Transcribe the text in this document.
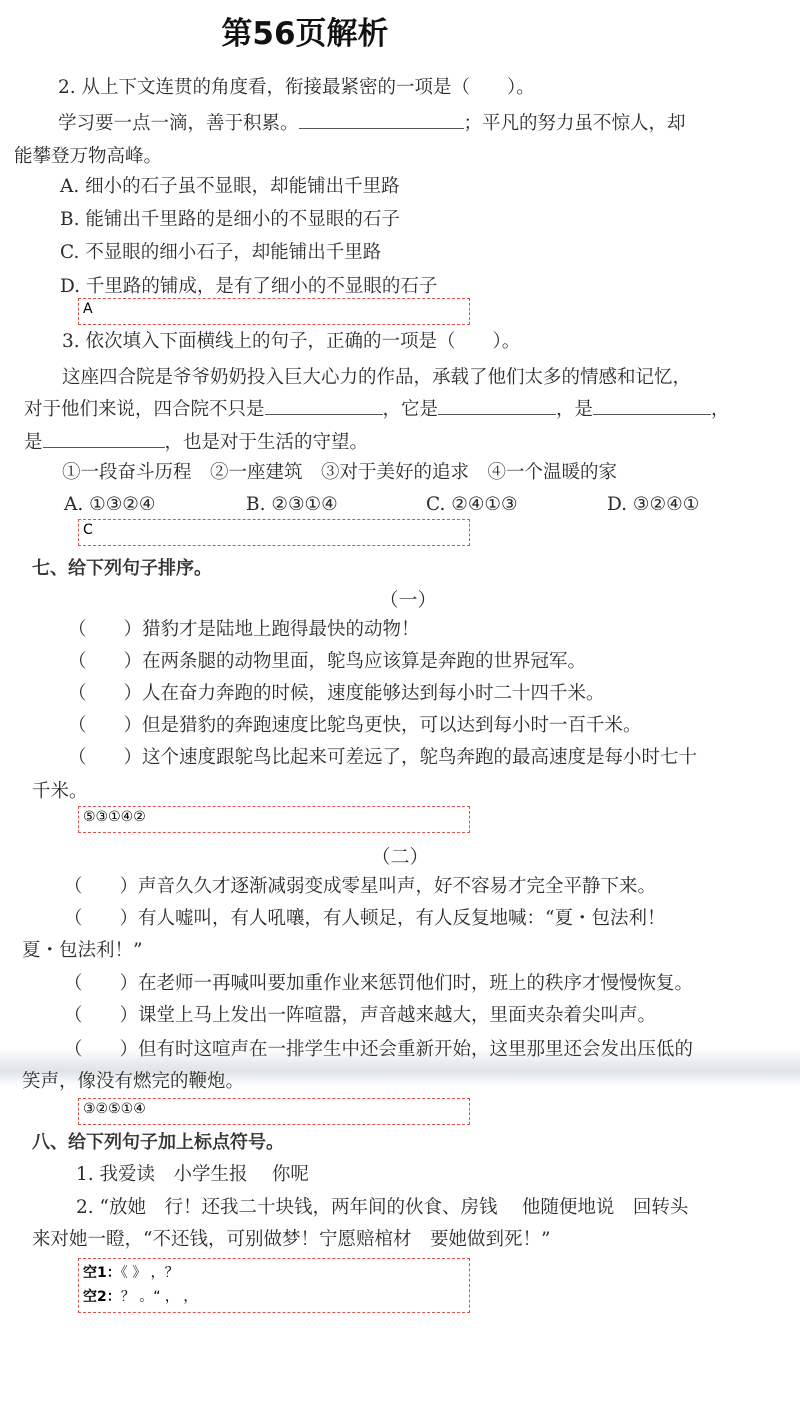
第56页解析
2. 从上下文连贯的角度看，衔接最紧密的一项是（　　）。
学习要一点一滴，善于积累。	；平凡的努力虽不惊人，却
能攀登万物高峰。
A. 细小的石子虽不显眼，却能铺出千里路
B. 能铺出千里路的是细小的不显眼的石子
C. 不显眼的细小石子，却能铺出千里路
D. 千里路的铺成，是有了细小的不显眼的石子
A
3. 依次填入下面横线上的句子，正确的一项是（　　）。
这座四合院是爷爷奶奶投入巨大心力的作品，承载了他们太多的情感和记忆，
对于他们来说，四合院不只是	，它是	，是	，
是	，也是对于生活的守望。
①一段奋斗历程　②一座建筑　③对于美好的追求　④一个温暖的家
A. ①③②④	B. ②③①④	C. ②④①③	D. ③②④①
C
七、给下列句子排序。
（一）
（　　）猎豹才是陆地上跑得最快的动物！
（　　）在两条腿的动物里面，鸵鸟应该算是奔跑的世界冠军。
（　　）人在奋力奔跑的时候，速度能够达到每小时二十四千米。
（　　）但是猎豹的奔跑速度比鸵鸟更快，可以达到每小时一百千米。
（　　）这个速度跟鸵鸟比起来可差远了，鸵鸟奔跑的最高速度是每小时七十
千米。
⑤③①④②
（二）
（　　）声音久久才逐渐减弱变成零星叫声，好不容易才完全平静下来。
（　　）有人嘘叫，有人吼嚷，有人顿足，有人反复地喊：“夏・包法利！
夏・包法利！”
（　　）在老师一再喊叫要加重作业来惩罚他们时，班上的秩序才慢慢恢复。
（　　）课堂上马上发出一阵喧嚣，声音越来越大，里面夹杂着尖叫声。
（　　）但有时这喧声在一排学生中还会重新开始，这里那里还会发出压低的
笑声，像没有燃完的鞭炮。
③②⑤①④
八、给下列句子加上标点符号。
1. 我爱读　小学生报　 你呢
2. “放她　行！还我二十块钱，两年间的伙食、房钱　 他随便地说　回转头
来对她一瞪，“不还钱，可别做梦！宁愿赔棺材　要她做到死！”
空1：《 》 ，？
空2：？ 。“ ， ，
